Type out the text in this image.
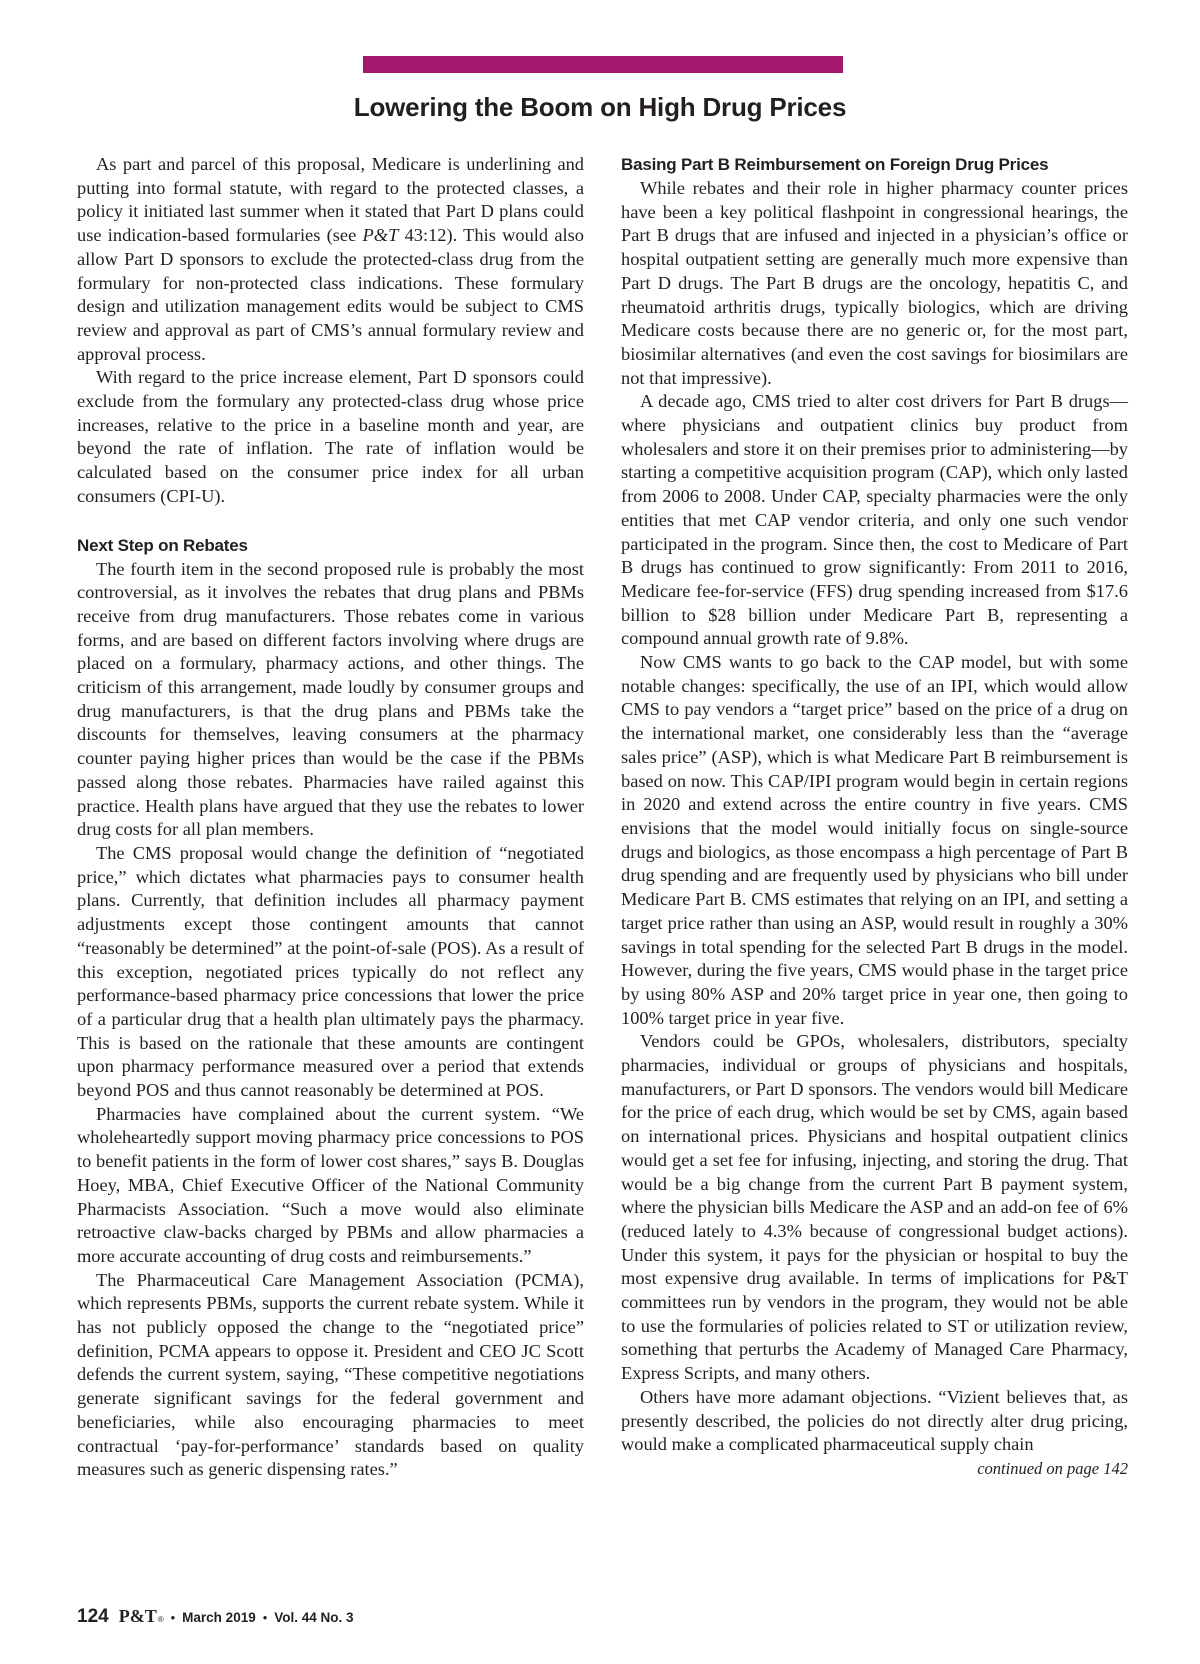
Lowering the Boom on High Drug Prices

As part and parcel of this proposal, Medicare is underlining and putting into formal statute, with regard to the protected classes, a policy it initiated last summer when it stated that Part D plans could use indication-based formularies (see P&T 43:12). This would also allow Part D sponsors to exclude the protected-class drug from the formulary for non-protected class indications. These formulary design and utilization management edits would be subject to CMS review and approval as part of CMS’s annual formulary review and approval process.

With regard to the price increase element, Part D sponsors could exclude from the formulary any protected-class drug whose price increases, relative to the price in a baseline month and year, are beyond the rate of inflation. The rate of inflation would be calculated based on the consumer price index for all urban consumers (CPI-U).

Next Step on Rebates

The fourth item in the second proposed rule is probably the most controversial, as it involves the rebates that drug plans and PBMs receive from drug manufacturers. Those rebates come in various forms, and are based on different factors involving where drugs are placed on a formulary, pharmacy actions, and other things. The criticism of this arrangement, made loudly by consumer groups and drug manufacturers, is that the drug plans and PBMs take the discounts for themselves, leaving consumers at the pharmacy counter paying higher prices than would be the case if the PBMs passed along those rebates. Pharmacies have railed against this practice. Health plans have argued that they use the rebates to lower drug costs for all plan members.

The CMS proposal would change the definition of “negotiated price,” which dictates what pharmacies pays to consumer health plans. Currently, that definition includes all pharmacy payment adjustments except those contingent amounts that cannot “reasonably be determined” at the point-of-sale (POS). As a result of this exception, negotiated prices typically do not reflect any performance-based pharmacy price concessions that lower the price of a particular drug that a health plan ultimately pays the pharmacy. This is based on the rationale that these amounts are contingent upon pharmacy performance measured over a period that extends beyond POS and thus cannot reasonably be determined at POS.

Pharmacies have complained about the current system. “We wholeheartedly support moving pharmacy price concessions to POS to benefit patients in the form of lower cost shares,” says B. Douglas Hoey, MBA, Chief Executive Officer of the National Community Pharmacists Association. “Such a move would also eliminate retroactive claw-backs charged by PBMs and allow pharmacies a more accurate accounting of drug costs and reimbursements.”

The Pharmaceutical Care Management Association (PCMA), which represents PBMs, supports the current rebate system. While it has not publicly opposed the change to the “negotiated price” definition, PCMA appears to oppose it. President and CEO JC Scott defends the current system, saying, “These competitive negotiations generate significant savings for the federal government and beneficiaries, while also encouraging pharmacies to meet contractual ‘pay-for-performance’ standards based on quality measures such as generic dispensing rates.”

Basing Part B Reimbursement on Foreign Drug Prices

While rebates and their role in higher pharmacy counter prices have been a key political flashpoint in congressional hearings, the Part B drugs that are infused and injected in a physician’s office or hospital outpatient setting are generally much more expensive than Part D drugs. The Part B drugs are the oncology, hepatitis C, and rheumatoid arthritis drugs, typically biologics, which are driving Medicare costs because there are no generic or, for the most part, biosimilar alternatives (and even the cost savings for biosimilars are not that impressive).

A decade ago, CMS tried to alter cost drivers for Part B drugs—where physicians and outpatient clinics buy product from wholesalers and store it on their premises prior to administering—by starting a competitive acquisition program (CAP), which only lasted from 2006 to 2008. Under CAP, specialty pharmacies were the only entities that met CAP vendor criteria, and only one such vendor participated in the program. Since then, the cost to Medicare of Part B drugs has continued to grow significantly: From 2011 to 2016, Medicare fee-for-service (FFS) drug spending increased from $17.6 billion to $28 billion under Medicare Part B, representing a compound annual growth rate of 9.8%.

Now CMS wants to go back to the CAP model, but with some notable changes: specifically, the use of an IPI, which would allow CMS to pay vendors a “target price” based on the price of a drug on the international market, one considerably less than the “average sales price” (ASP), which is what Medicare Part B reimbursement is based on now. This CAP/IPI program would begin in certain regions in 2020 and extend across the entire country in five years. CMS envisions that the model would initially focus on single-source drugs and biologics, as those encompass a high percentage of Part B drug spending and are frequently used by physicians who bill under Medicare Part B. CMS estimates that relying on an IPI, and setting a target price rather than using an ASP, would result in roughly a 30% savings in total spending for the selected Part B drugs in the model. However, during the five years, CMS would phase in the target price by using 80% ASP and 20% target price in year one, then going to 100% target price in year five.

Vendors could be GPOs, wholesalers, distributors, specialty pharmacies, individual or groups of physicians and hospitals, manufacturers, or Part D sponsors. The vendors would bill Medicare for the price of each drug, which would be set by CMS, again based on international prices. Physicians and hospital outpatient clinics would get a set fee for infusing, injecting, and storing the drug. That would be a big change from the current Part B payment system, where the physician bills Medicare the ASP and an add-on fee of 6% (reduced lately to 4.3% because of congressional budget actions). Under this system, it pays for the physician or hospital to buy the most expensive drug available. In terms of implications for P&T committees run by vendors in the program, they would not be able to use the formularies of policies related to ST or utilization review, something that perturbs the Academy of Managed Care Pharmacy, Express Scripts, and many others.

Others have more adamant objections. “Vizient believes that, as presently described, the policies do not directly alter drug pricing, would make a complicated pharmaceutical supply chain

continued on page 142
124 P&T ® • March 2019 • Vol. 44 No. 3
